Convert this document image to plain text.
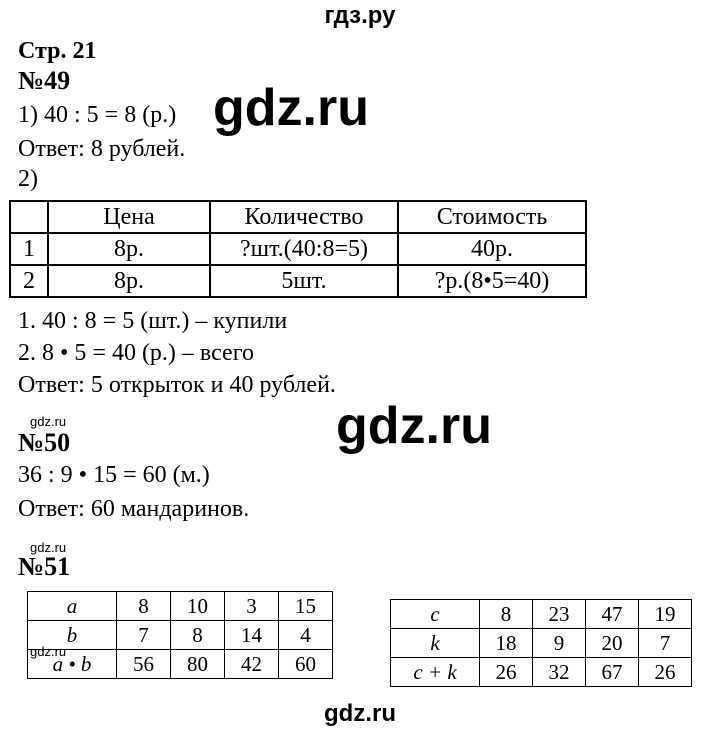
гдз.ру
Стр. 21
№49
1) 40 : 5 = 8 (р.) gdz.ru
Ответ: 8 рублей.
2)
	Цена	Количество	Стоимость
1	8р.	?шт.(40:8=5)	40р.
2	8р.	5шт.	?р.(8•5=40)
1. 40 : 8 = 5 (шт.) – купили
2. 8 • 5 = 40 (р.) – всего
Ответ: 5 открыток и 40 рублей.
gdz.ru
gdz.ru
№50
36 : 9 • 15 = 60 (м.)
Ответ: 60 мандаринов.
gdz.ru
№51
a	8	10	3	15
b	7	8	14	4
a • b	56	80	42	60
gdz.ru
c	8	23	47	19
k	18	9	20	7
c + k	26	32	67	26
gdz.ru
